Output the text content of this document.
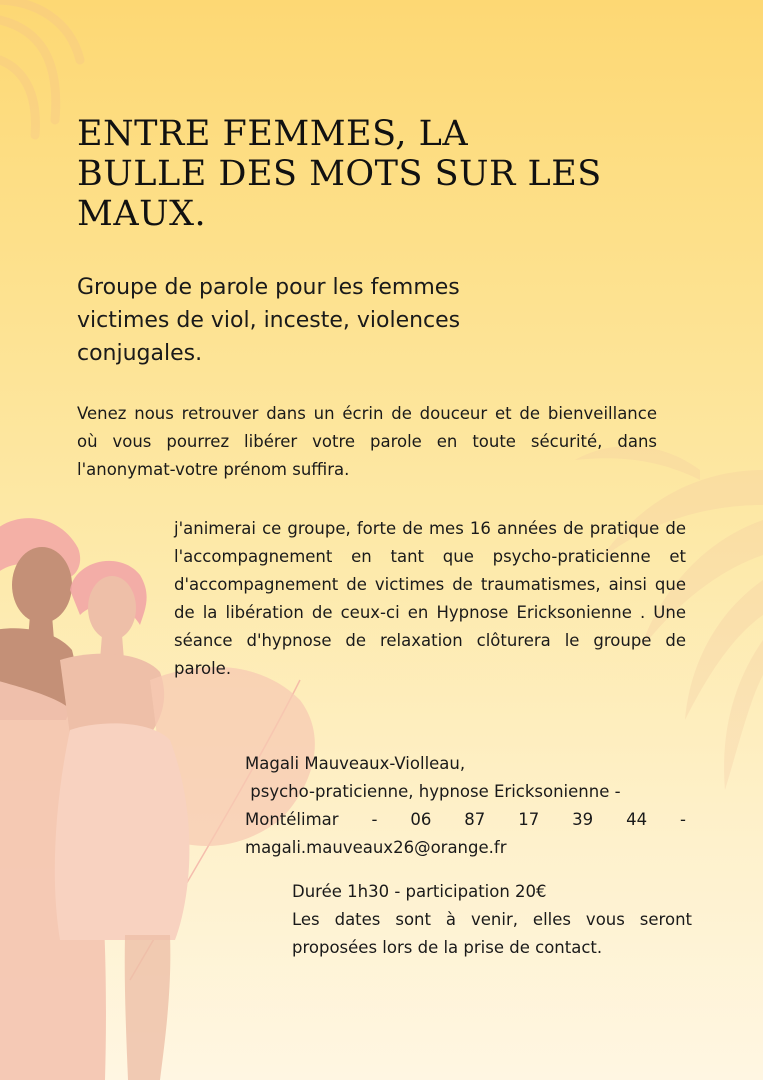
ENTRE FEMMES, LA
BULLE DES MOTS SUR LES
MAUX.

Groupe de parole pour les femmes victimes de viol, inceste, violences conjugales.

Venez nous retrouver dans un écrin de douceur et de bienveillance où vous pourrez libérer votre parole en toute sécurité, dans l'anonymat-votre prénom suffira.

j'animerai ce groupe, forte de mes 16 années de pratique de l'accompagnement en tant que psycho-praticienne et d'accompagnement de victimes de traumatismes, ainsi que de la libération de ceux-ci en Hypnose Ericksonienne . Une séance d'hypnose de relaxation clôturera le groupe de parole.

Magali Mauveaux-Violleau,
psycho-praticienne, hypnose Ericksonienne -
Montélimar - 06 87 17 39 44 -
magali.mauveaux26@orange.fr
Durée 1h30 - participation 20€
Les dates sont à venir, elles vous seront proposées lors de la prise de contact.
